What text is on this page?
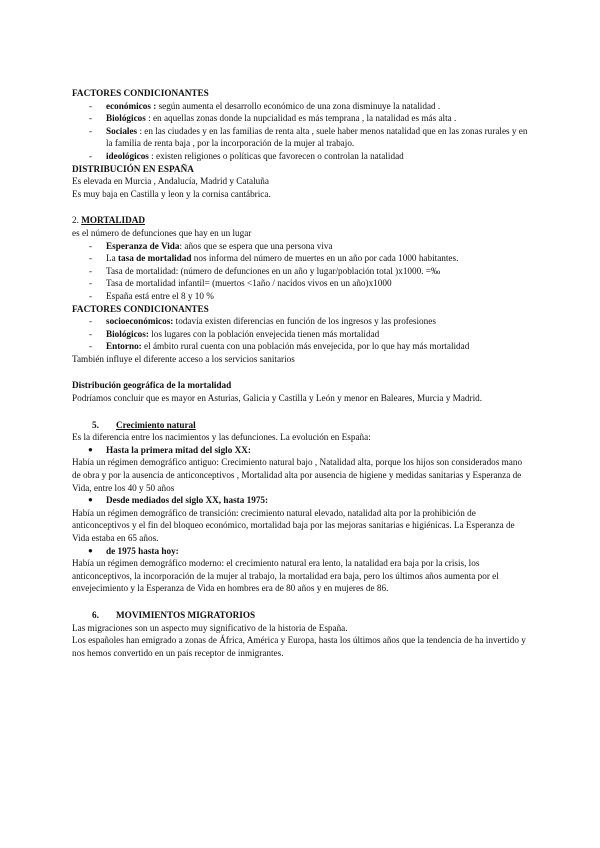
FACTORES CONDICIONANTES
- económicos : según aumenta el desarrollo económico de una zona disminuye la natalidad .
- Biológicos : en aquellas zonas donde la nupcialidad es más temprana , la natalidad es más alta .
- Sociales : en las ciudades y en las familias de renta alta , suele haber menos natalidad que en las zonas rurales y en la familia de renta baja , por la incorporación de la mujer al trabajo.
- ideológicos : existen religiones o políticas que favorecen o controlan la natalidad
DISTRIBUCIÓN EN ESPAÑA
Es elevada en Murcia , Andalucía, Madrid y Cataluña
Es muy baja en Castilla y leon y la cornisa cantábrica.
2. MORTALIDAD
es el número de defunciones que hay en un lugar
- Esperanza de Vida: años que se espera que una persona viva
- La tasa de mortalidad nos informa del número de muertes en un año por cada 1000 habitantes.
- Tasa de mortalidad: (número de defunciones en un año y lugar/población total )x1000. =‰
- Tasa de mortalidad infantil= (muertos <1año / nacidos vivos en un año)x1000
- España está entre el 8 y 10 %
FACTORES CONDICIONANTES
- socioeconómicos: todavía existen diferencias en función de los ingresos y las profesiones
- Biológicos: los lugares con la población envejecida tienen más mortalidad
- Entorno: el ámbito rural cuenta con una población más envejecida, por lo que hay más mortalidad
También influye el diferente acceso a los servicios sanitarios
Distribución geográfica de la mortalidad
Podríamos concluir que es mayor en Asturias, Galicia y Castilla y León y menor en Baleares, Murcia y Madrid.
5. Crecimiento natural
Es la diferencia entre los nacimientos y las defunciones. La evolución en España:
● Hasta la primera mitad del siglo XX:
Había un régimen demográfico antiguo: Crecimiento natural bajo , Natalidad alta, porque los hijos son considerados mano de obra y por la ausencia de anticonceptivos , Mortalidad alta por ausencia de higiene y medidas sanitarias y Esperanza de Vida, entre los 40 y 50 años
● Desde mediados del siglo XX, hasta 1975:
Había un régimen demográfico de transición: crecimiento natural elevado, natalidad alta por la prohibición de anticonceptivos y el fin del bloqueo económico, mortalidad baja por las mejoras sanitarias e higiénicas. La Esperanza de Vida estaba en 65 años.
● de 1975 hasta hoy:
Había un régimen demográfico moderno: el crecimiento natural era lento, la natalidad era baja por la crisis, los anticonceptivos, la incorporación de la mujer al trabajo, la mortalidad era baja, pero los últimos años aumenta por el envejecimiento y la Esperanza de Vida en hombres era de 80 años y en mujeres de 86.
6. MOVIMIENTOS MIGRATORIOS
Las migraciones son un aspecto muy significativo de la historia de España.
Los españoles han emigrado a zonas de África, América y Europa, hasta los últimos años que la tendencia de ha invertido y nos hemos convertido en un país receptor de inmigrantes.
